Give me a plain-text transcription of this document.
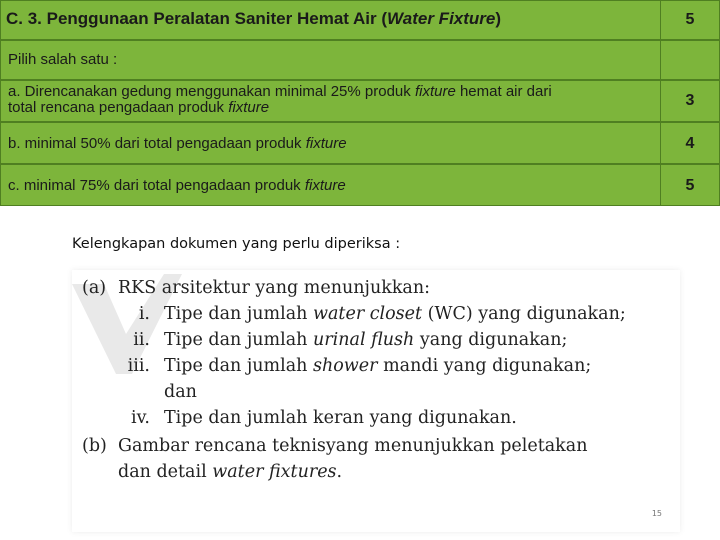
C. 3. Penggunaan Peralatan Saniter Hemat Air (Water Fixture)	5
Pilih salah satu :
a. Direncanakan gedung menggunakan minimal 25% produk fixture hemat air dari
total rencana pengadaan produk fixture	3
b. minimal 50% dari total pengadaan produk fixture	4
c. minimal 75% dari total pengadaan produk fixture	5
Kelengkapan dokumen yang perlu diperiksa :
(a) RKS arsitektur yang menunjukkan:
i. Tipe dan jumlah water closet (WC) yang digunakan;
ii. Tipe dan jumlah urinal flush yang digunakan;
iii. Tipe dan jumlah shower mandi yang digunakan;
dan
iv. Tipe dan jumlah keran yang digunakan.
(b) Gambar rencana teknisyang menunjukkan peletakan
dan detail water fixtures.
15
